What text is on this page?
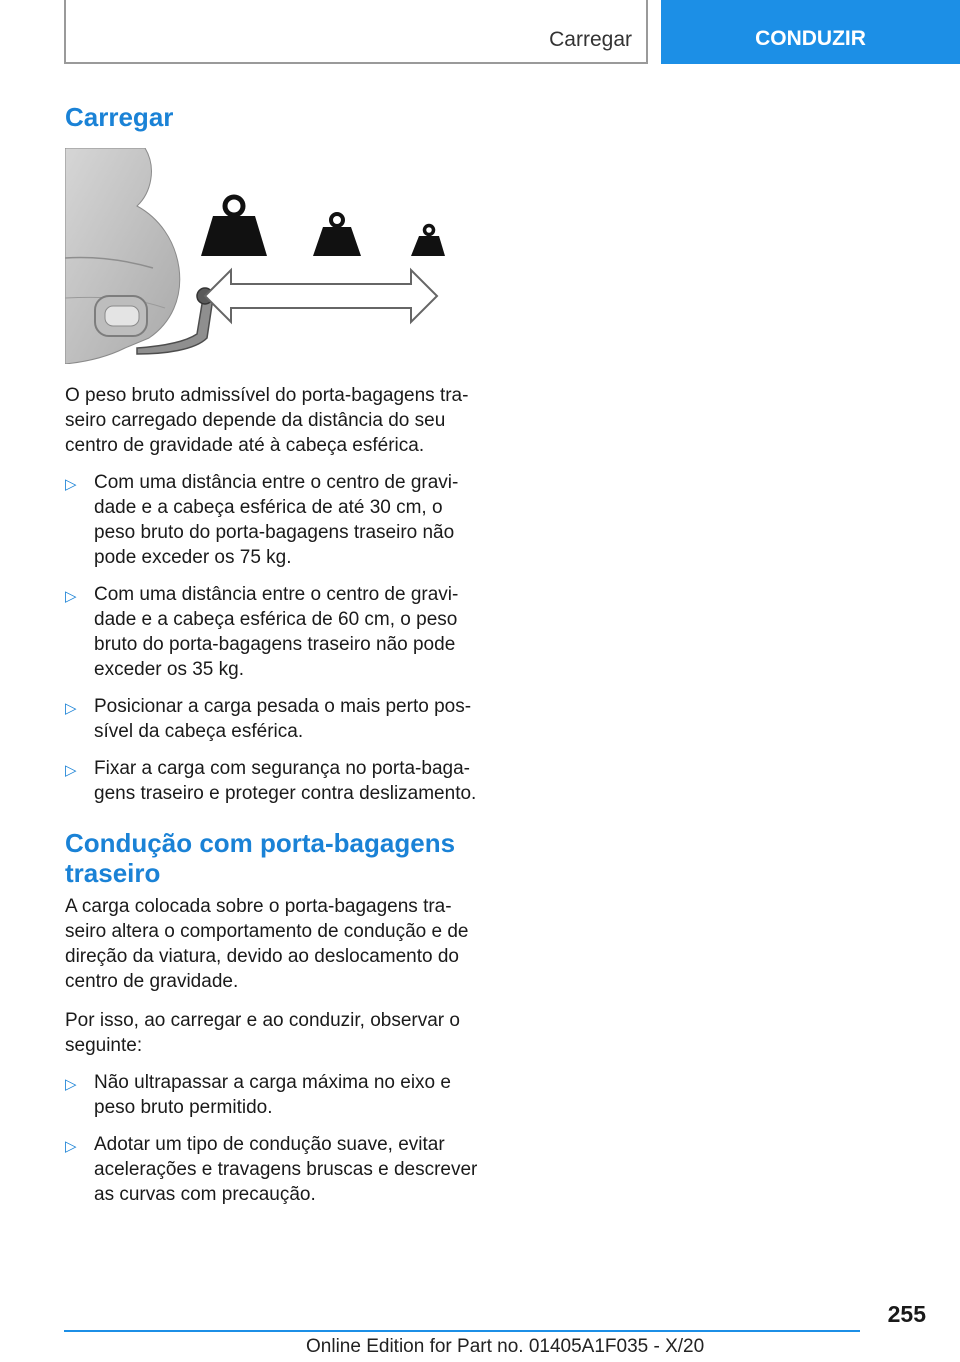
Carregar	CONDUZIR
Carregar

O peso bruto admissível do porta-bagagens tra-seiro carregado depende da distância do seu centro de gravidade até à cabeça esférica.

▷ Com uma distância entre o centro de gravi-dade e a cabeça esférica de até 30 cm, o peso bruto do porta-bagagens traseiro não pode exceder os 75 kg.
▷ Com uma distância entre o centro de gravi-dade e a cabeça esférica de 60 cm, o peso bruto do porta-bagagens traseiro não pode exceder os 35 kg.
▷ Posicionar a carga pesada o mais perto pos-sível da cabeça esférica.
▷ Fixar a carga com segurança no porta-baga-gens traseiro e proteger contra deslizamento.
Condução com porta-bagagens traseiro

A carga colocada sobre o porta-bagagens tra-seiro altera o comportamento de condução e de direção da viatura, devido ao deslocamento do centro de gravidade.

Por isso, ao carregar e ao conduzir, observar o seguinte:

▷ Não ultrapassar a carga máxima no eixo e peso bruto permitido.
▷ Adotar um tipo de condução suave, evitar acelerações e travagens bruscas e descrever as curvas com precaução.
255
Online Edition for Part no. 01405A1F035 - X/20
